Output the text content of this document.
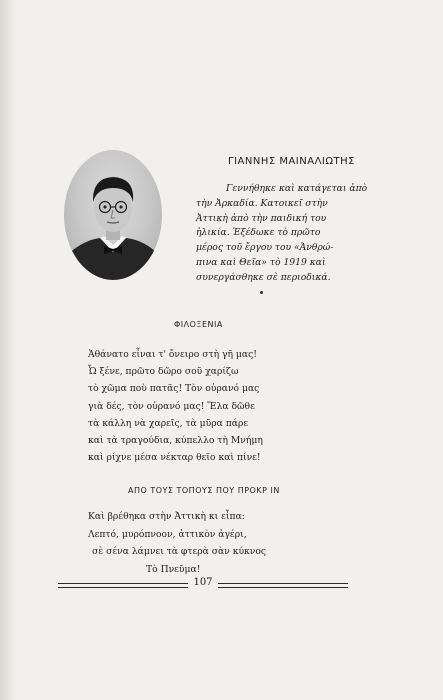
ΓΙΑΝΝΗΣ ΜΑΙΝΑΛΙΩΤΗΣ
Γεννήθηκε καὶ κατάγεται ἀπὸ
τὴν Ἀρκαδία. Κατοικεῖ στὴν
Ἀττικὴ ἀπὸ τὴν παιδική του
ἡλικία. Ἐξέδωκε τὸ πρῶτο
μέρος τοῦ ἔργου του «Ἀνθρώ-
πινα καὶ Θεῖα» τὸ 1919 καὶ
συνεργάσθηκε σὲ περιοδικά.
ΦΙΛΟΞΕΝΙΑ
Ἀθάνατο εἶναι τ' ὄνειρο στὴ γῆ μας!
Ὦ ξένε, πρῶτο δῶρο σοῦ χαρίζω
τὸ χῶμα ποὺ πατᾶς! Τὸν οὐρανό μας
γιὰ δές, τὸν οὐρανό μας! Ἔλα δῶθε
τὰ κάλλη νὰ χαρεῖς, τὰ μῦρα πάρε
καὶ τὰ τραγούδια, κύπελλο τὴ Μνήμη
καὶ ρίχνε μέσα νέκταρ θεῖο καὶ πίνε!
ΑΠΟ ΤΟΥΣ ΤΟΠΟΥΣ ΠΟΥ ΠΡΟΚΡ ΙΝ
Καὶ βρέθηκα στὴν Ἀττικὴ κι εἶπα:
Λεπτό, μυρόπνοον, ἀττικὸν ἀγέρι,
σὲ σένα λάμνει τὰ φτερὰ σὰν κύκνος
Τὸ Πνεῦμα!
107
